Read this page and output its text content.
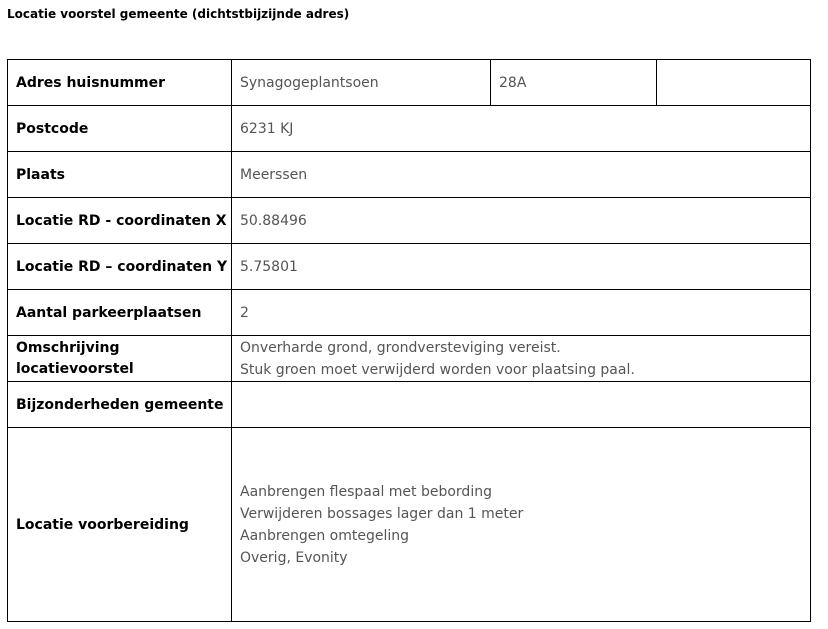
Locatie voorstel gemeente (dichtstbijzijnde adres)
Adres huisnummer	Synagogeplantsoen	28A	
Postcode	6231 KJ		
Plaats	Meerssen		
Locatie RD - coordinaten X	50.88496		
Locatie RD – coordinaten Y	5.75801		
Aantal parkeerplaatsen	2		

Omschrijving
locatievoorstel	Onverharde grond, grondversteviging vereist.
Stuk groen moet verwijderd worden voor plaatsing paal.		

Bijzonderheden gemeente			
Locatie voorbereiding	Aanbrengen flespaal met bebording
Verwijderen bossages lager dan 1 meter
Aanbrengen omtegeling
Overig, Evonity		
